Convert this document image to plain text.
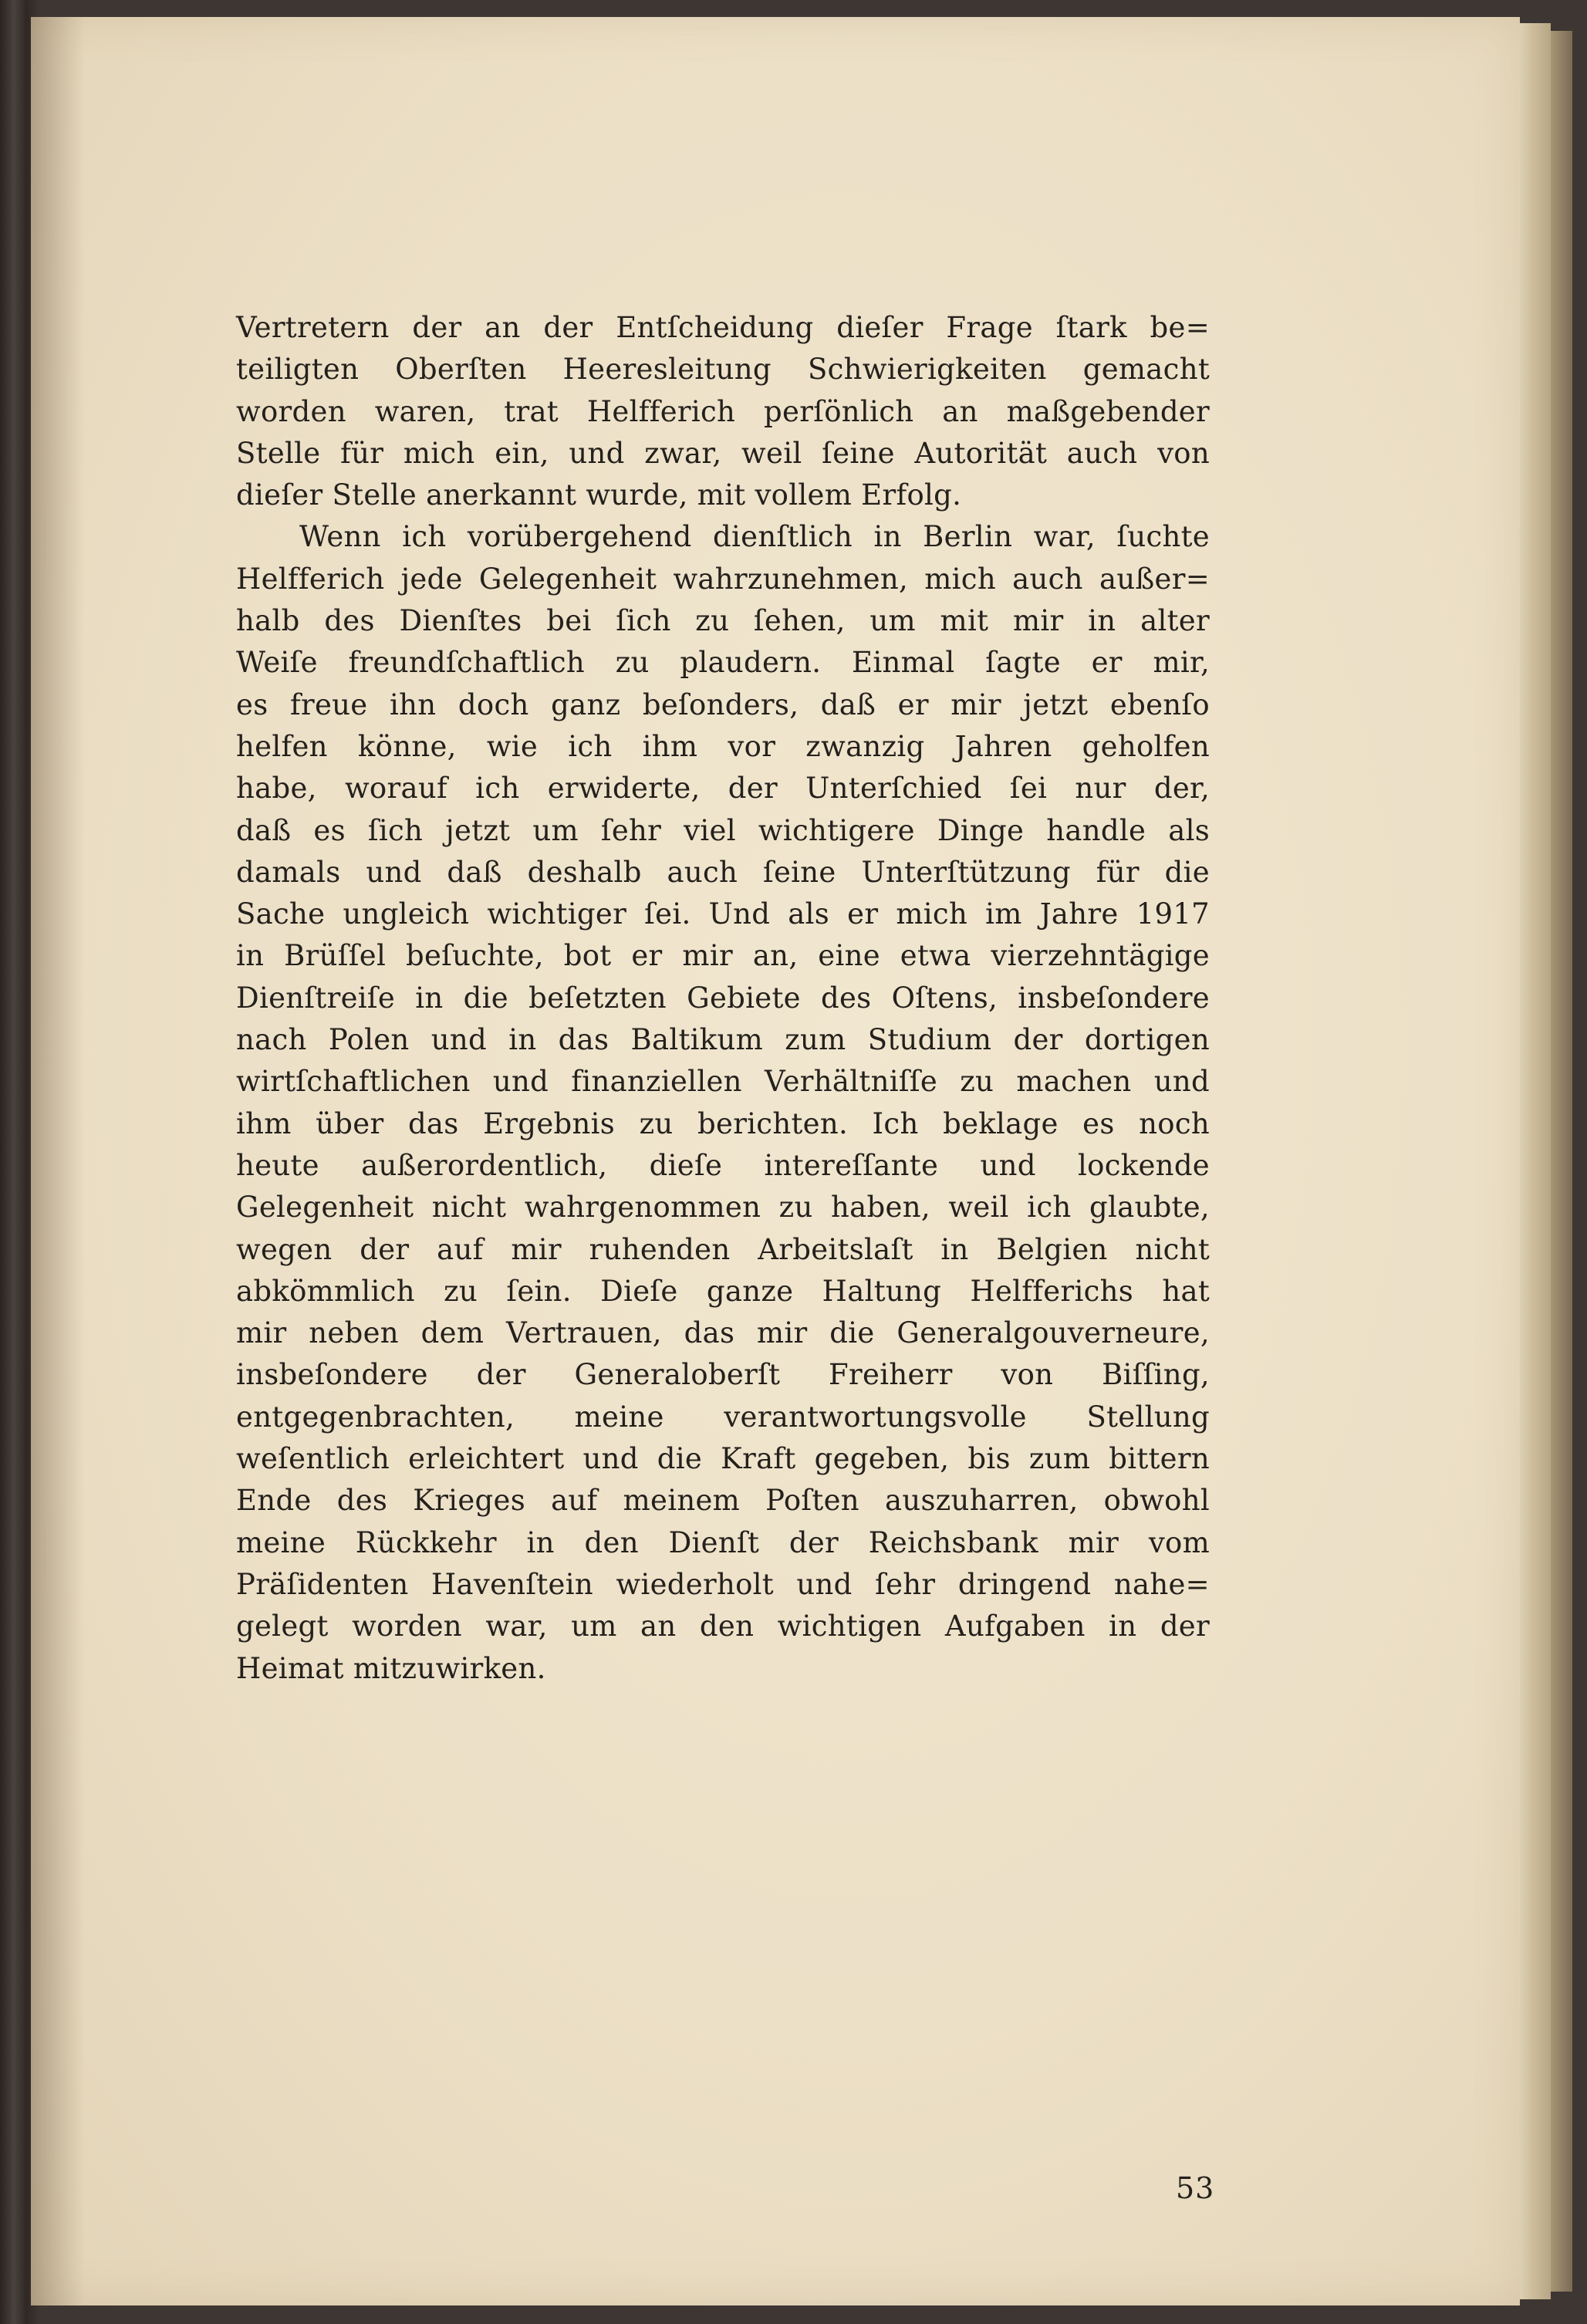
Vertretern der an der Entſcheidung dieſer Frage ſtark be=
teiligten Oberſten Heeresleitung Schwierigkeiten gemacht
worden waren, trat Helfferich perſönlich an maßgebender
Stelle für mich ein, und zwar, weil ſeine Autorität auch von
dieſer Stelle anerkannt wurde, mit vollem Erfolg.
Wenn ich vorübergehend dienſtlich in Berlin war, ſuchte
Helfferich jede Gelegenheit wahrzunehmen, mich auch außer=
halb des Dienſtes bei ſich zu ſehen, um mit mir in alter
Weiſe freundſchaftlich zu plaudern. Einmal ſagte er mir,
es freue ihn doch ganz beſonders, daß er mir jetzt ebenſo
helfen könne, wie ich ihm vor zwanzig Jahren geholfen
habe, worauf ich erwiderte, der Unterſchied ſei nur der,
daß es ſich jetzt um ſehr viel wichtigere Dinge handle als
damals und daß deshalb auch ſeine Unterſtützung für die
Sache ungleich wichtiger ſei. Und als er mich im Jahre 1917
in Brüſſel beſuchte, bot er mir an, eine etwa vierzehntägige
Dienſtreiſe in die beſetzten Gebiete des Oſtens, insbeſondere
nach Polen und in das Baltikum zum Studium der dortigen
wirtſchaftlichen und finanziellen Verhältniſſe zu machen und
ihm über das Ergebnis zu berichten. Ich beklage es noch
heute außerordentlich, dieſe intereſſante und lockende
Gelegenheit nicht wahrgenommen zu haben, weil ich glaubte,
wegen der auf mir ruhenden Arbeitslaſt in Belgien nicht
abkömmlich zu ſein. Dieſe ganze Haltung Helfferichs hat
mir neben dem Vertrauen, das mir die Generalgouverneure,
insbeſondere der Generaloberſt Freiherr von Biſſing,
entgegenbrachten, meine verantwortungsvolle Stellung
weſentlich erleichtert und die Kraft gegeben, bis zum bittern
Ende des Krieges auf meinem Poſten auszuharren, obwohl
meine Rückkehr in den Dienſt der Reichsbank mir vom
Präſidenten Havenſtein wiederholt und ſehr dringend nahe=
gelegt worden war, um an den wichtigen Aufgaben in der
Heimat mitzuwirken.
53
